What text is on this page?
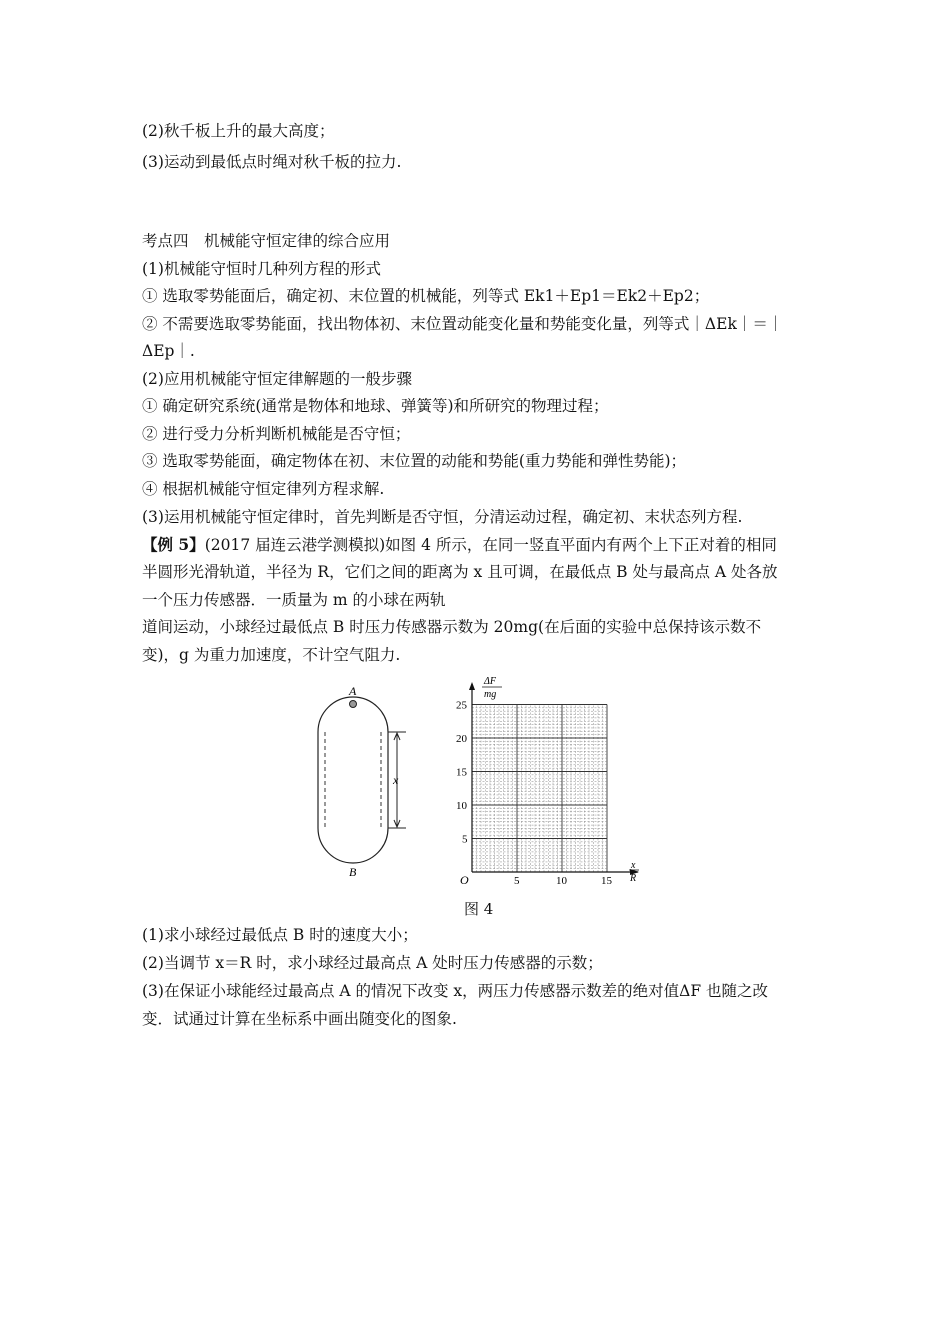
(2)秋千板上升的最大高度；
(3)运动到最低点时绳对秋千板的拉力.
考点四　机械能守恒定律的综合应用
(1)机械能守恒时几种列方程的形式
① 选取零势能面后，确定初、末位置的机械能，列等式 Ek1＋Ep1＝Ek2＋Ep2；
② 不需要选取零势能面，找出物体初、末位置动能变化量和势能变化量，列等式｜ΔEk｜＝｜
ΔEp｜.
(2)应用机械能守恒定律解题的一般步骤
① 确定研究系统(通常是物体和地球、弹簧等)和所研究的物理过程；
② 进行受力分析判断机械能是否守恒；
③ 选取零势能面，确定物体在初、末位置的动能和势能(重力势能和弹性势能)；
④ 根据机械能守恒定律列方程求解.
(3)运用机械能守恒定律时，首先判断是否守恒，分清运动过程，确定初、末状态列方程.
【例 5】(2017 届连云港学测模拟)如图 4 所示，在同一竖直平面内有两个上下正对着的相同
半圆形光滑轨道，半径为 R，它们之间的距离为 x 且可调，在最低点 B 处与最高点 A 处各放
一个压力传感器．一质量为 m 的小球在两轨
道间运动，小球经过最低点 B 时压力传感器示数为 20mg(在后面的实验中总保持该示数不
变)，g 为重力加速度，不计空气阻力.
A
B
x
ΔF
mg
x
R
O	5	10	15
5
10
15
20
25
图 4
(1)求小球经过最低点 B 时的速度大小；
(2)当调节 x＝R 时，求小球经过最高点 A 处时压力传感器的示数；
(3)在保证小球能经过最高点 A 的情况下改变 x，两压力传感器示数差的绝对值ΔF 也随之改
变．试通过计算在坐标系中画出随变化的图象.
